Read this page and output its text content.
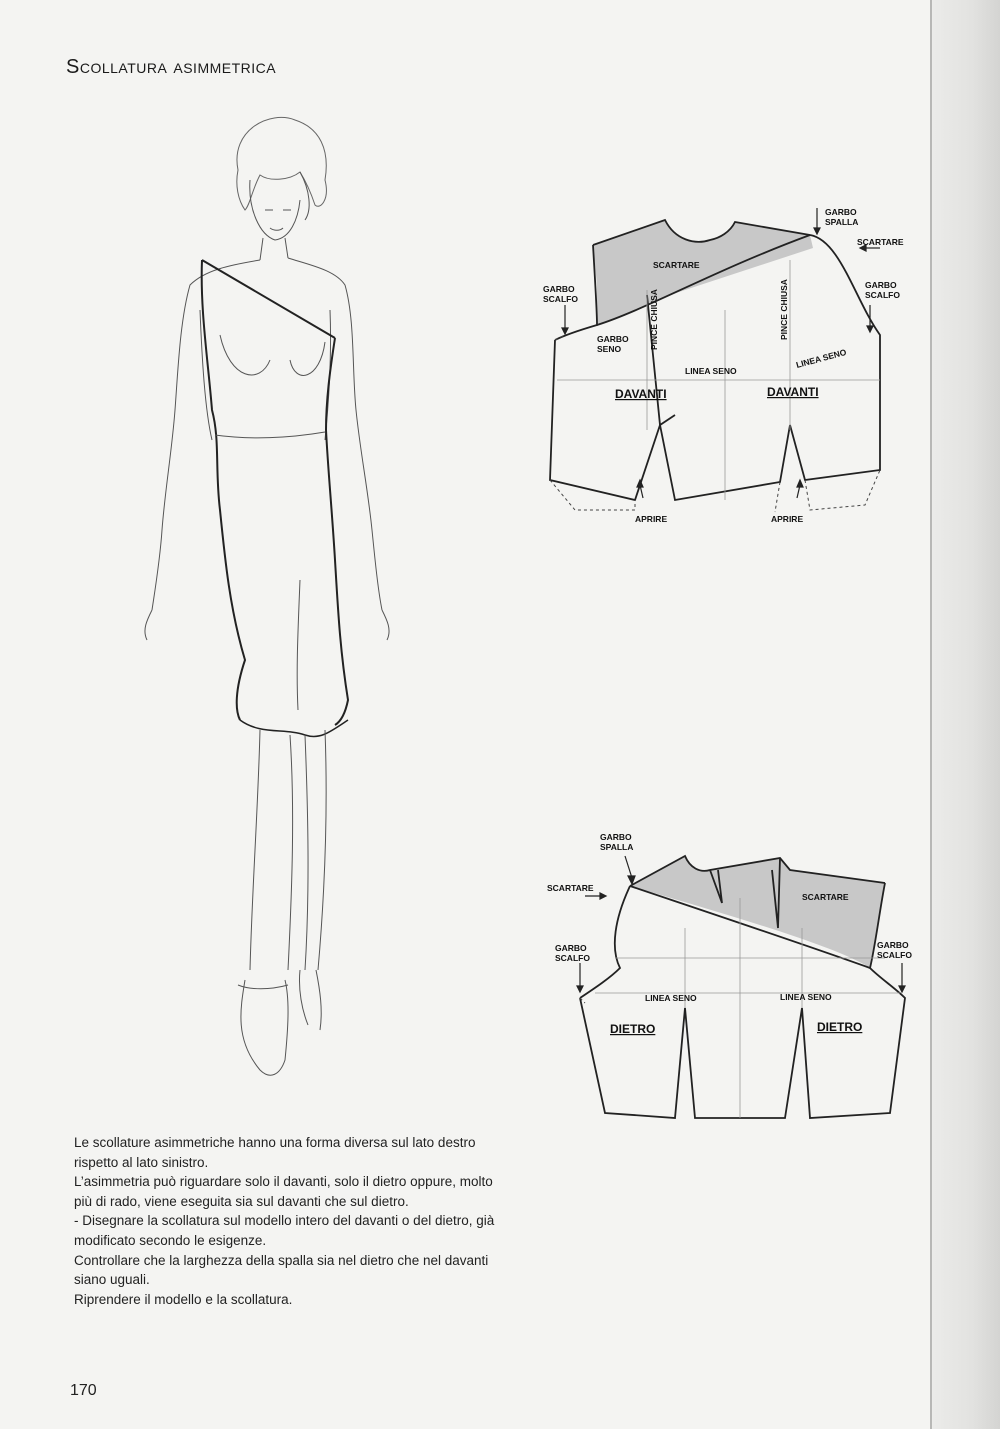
Scollatura asimmetrica
GARBO
SPALLA
SCARTARE
SCARTARE
GARBO
SCALFO
GARBO
SCALFO
GARBO
SENO	PINCE CHIUSA	PINCE CHIUSA
LINEA SENO
LINEA SENO
DAVANTI	DAVANTI
APRIRE	APRIRE
GARBO
SPALLA
SCARTARE
SCARTARE
GARBO
SCALFO
GARBO
SCALFO
LINEA SENO	LINEA SENO
DIETRO	DIETRO

Le scollature asimmetriche hanno una forma diversa sul lato destro rispetto al lato sinistro.

L’asimmetria può riguardare solo il davanti, solo il dietro oppure, molto più di rado, viene eseguita sia sul davanti che sul dietro.

- Disegnare la scollatura sul modello intero del davanti o del dietro, già modificato secondo le esigenze.

Controllare che la larghezza della spalla sia nel dietro che nel davanti siano uguali.

Riprendere il modello e la scollatura.

170
